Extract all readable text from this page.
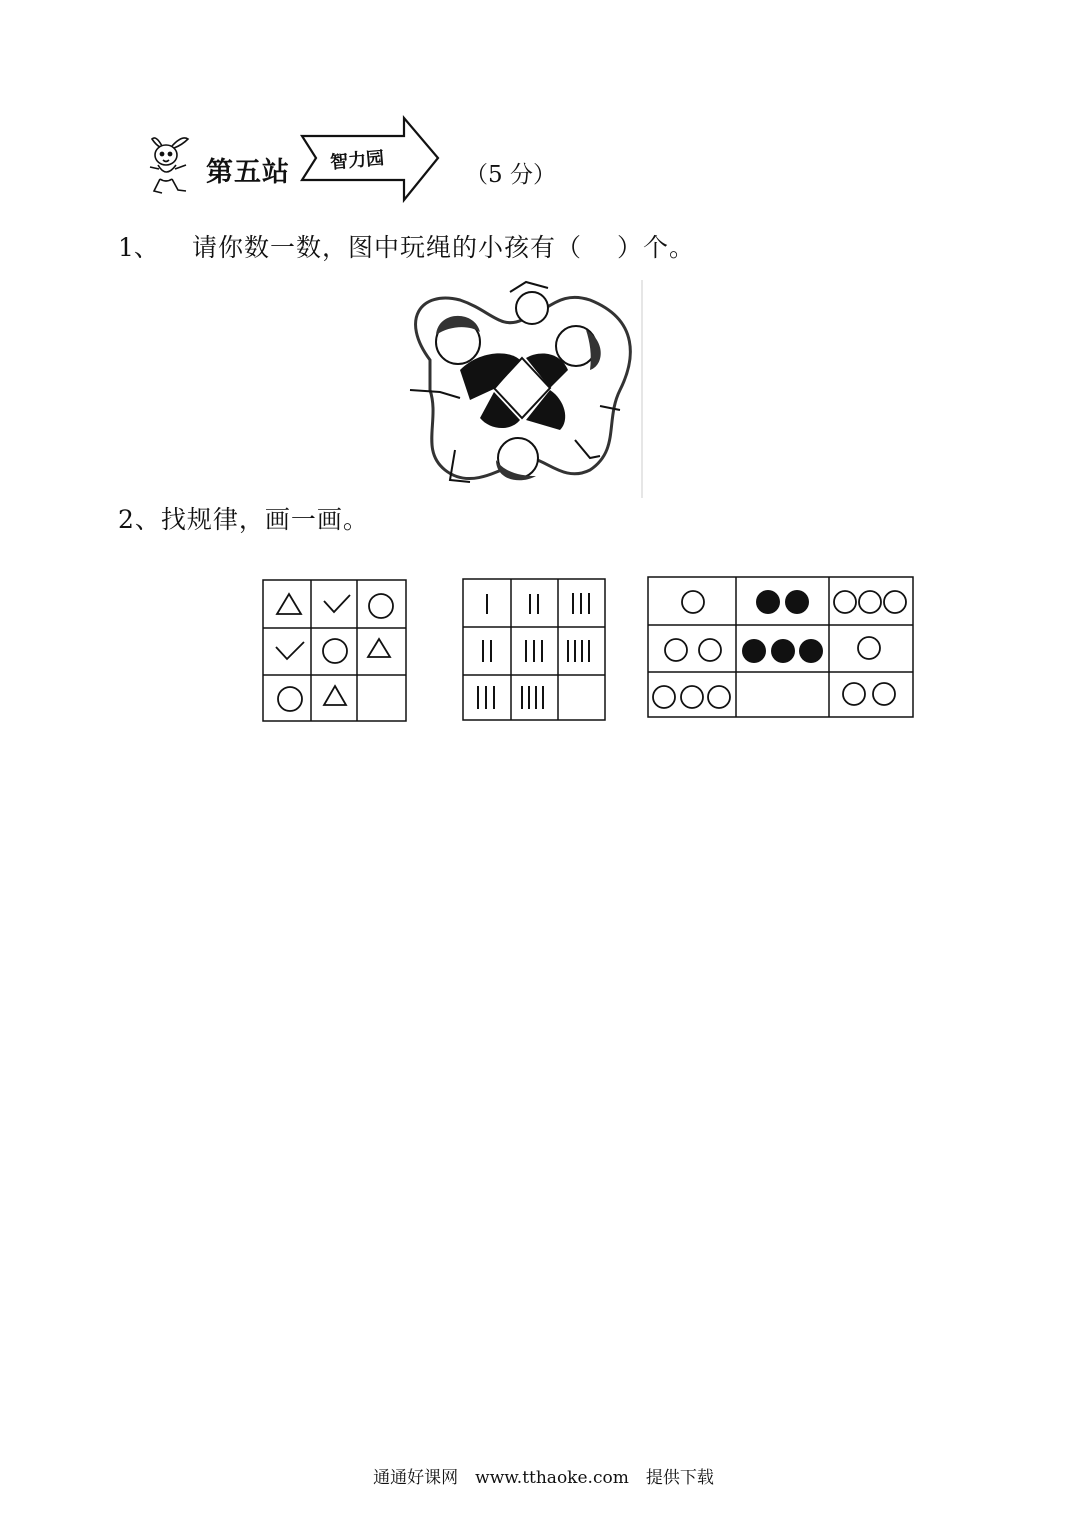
第五站 智力园
（5 分）
1、 请你数一数，图中玩绳的小孩有（　 ）个。
2、找规律，画一画。
通通好课网　www.tthaoke.com　提供下载
